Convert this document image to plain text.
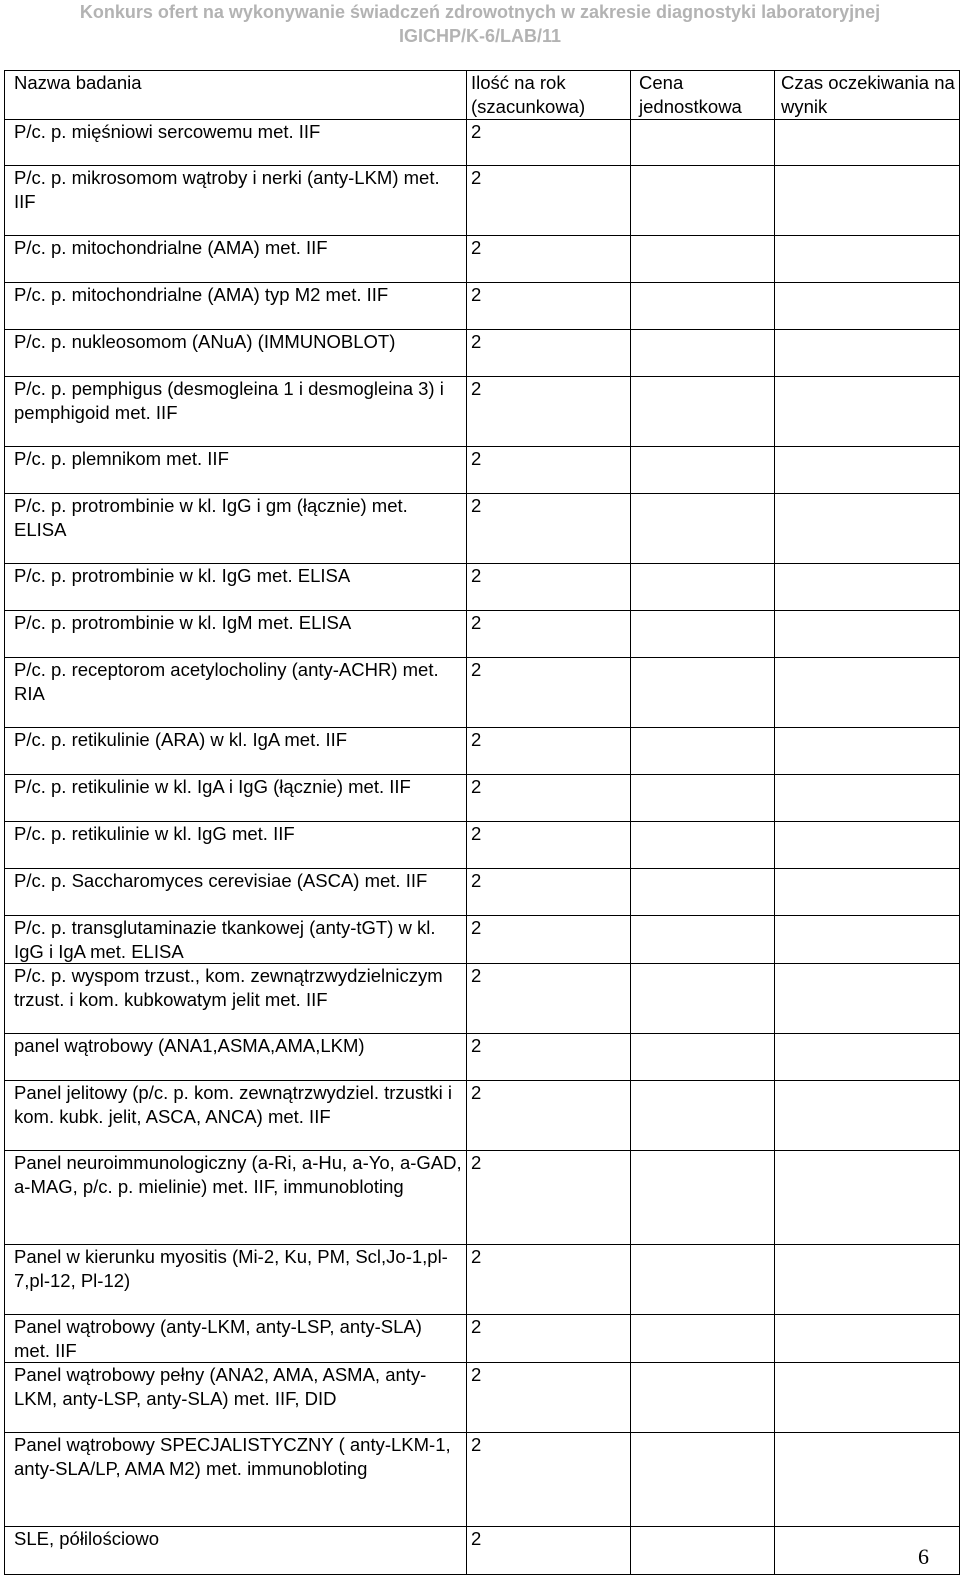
Konkurs ofert na wykonywanie świadczeń zdrowotnych w zakresie diagnostyki laboratoryjnej
IGICHP/K-6/LAB/11
Nazwa badania	Ilość na rok (szacunkowa)	Cena jednostkowa	Czas oczekiwania na wynik

P/c. p. mięśniowi sercowemu met. IIF	2		

P/c. p. mikrosomom wątroby i nerki (anty-LKM) met. IIF	2		

P/c. p. mitochondrialne (AMA) met. IIF	2		

P/c. p. mitochondrialne (AMA) typ M2 met. IIF	2		

P/c. p. nukleosomom (ANuA) (IMMUNOBLOT)	2		

P/c. p. pemphigus (desmogleina 1 i desmogleina 3) i pemphigoid met. IIF	2		

P/c. p. plemnikom met. IIF	2		

P/c. p. protrombinie w kl. IgG i gm (łącznie) met. ELISA	2		

P/c. p. protrombinie w kl. IgG met. ELISA	2		

P/c. p. protrombinie w kl. IgM met. ELISA	2		

P/c. p. receptorom acetylocholiny (anty-ACHR) met. RIA	2		

P/c. p. retikulinie (ARA) w kl. IgA met. IIF	2		

P/c. p. retikulinie w kl. IgA i IgG (łącznie) met. IIF	2		

P/c. p. retikulinie w kl. IgG met. IIF	2		

P/c. p. Saccharomyces cerevisiae (ASCA) met. IIF	2		

P/c. p. transglutaminazie tkankowej (anty-tGT) w kl. IgG i IgA met. ELISA	2		

P/c. p. wyspom trzust., kom. zewnątrzwydzielniczym trzust. i kom. kubkowatym jelit met. IIF	2		

panel wątrobowy (ANA1,ASMA,AMA,LKM)	2		

Panel jelitowy (p/c. p. kom. zewnątrzwydziel. trzustki i kom. kubk. jelit, ASCA, ANCA) met. IIF	2		

Panel neuroimmunologiczny (a-Ri, a-Hu, a-Yo, a-GAD, a-MAG, p/c. p. mielinie) met. IIF, immunobloting	2		

Panel w kierunku myositis (Mi-2, Ku, PM, Scl,Jo-1,pl-7,pl-12, Pl-12)	2		

Panel wątrobowy (anty-LKM, anty-LSP, anty-SLA) met. IIF	2		

Panel wątrobowy pełny (ANA2, AMA, ASMA, anty-LKM, anty-LSP, anty-SLA) met. IIF, DID	2		

Panel wątrobowy SPECJALISTYCZNY ( anty-LKM-1, anty-SLA/LP, AMA M2) met. immunobloting	2		

SLE, półilościowo	2		

6
